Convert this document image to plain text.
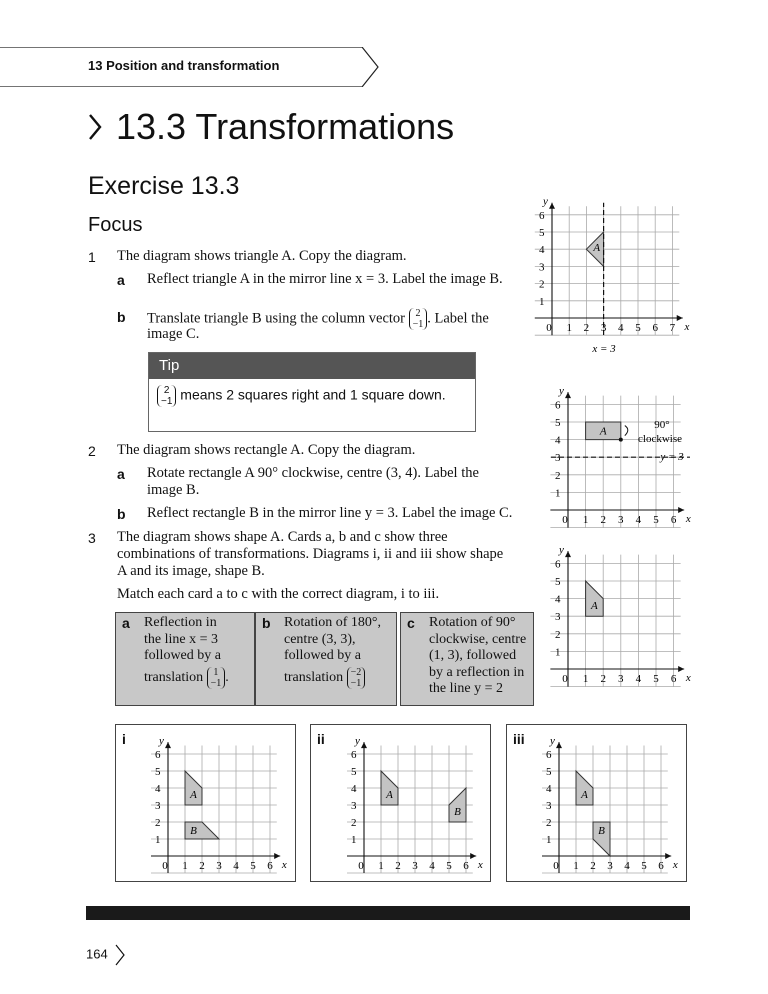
13 Position and transformation
13.3 Transformations
Exercise 13.3
Focus
1 The diagram shows triangle A. Copy the diagram.
a Reflect triangle A in the mirror line x = 3. Label the image B.
b Translate triangle B using the column vector 2
−1 . Label the
image C.
Tip
2
−1 means 2 squares right and 1 square down.
2 The diagram shows rectangle A. Copy the diagram.
a Rotate rectangle A 90° clockwise, centre (3, 4). Label the
image B.
b Reflect rectangle B in the mirror line y = 3. Label the image C.
3 The diagram shows shape A. Cards a, b and c show three
combinations of transformations. Diagrams i, ii and iii show shape
A and its image, shape B.
Match each card a to c with the correct diagram, i to iii.
a Reflection in
the line x = 3
followed by a
translation 1
−1 .
b Rotation of 180°,
centre (3, 3),
followed by a
translation −2
−1
c Rotation of 90°
clockwise, centre
(1, 3), followed
by a reflection in
the line y = 2
i	ii	iii
1 2 3 4 5 6 7
0
1
2
3
4
5
6
x
y
A
x = 3
1 2 3 4 5 6
0
1
2
3
4
5
6
x
y
A
90°
clockwise
y = 3
1 2 3 4 5 6
0
1
2
3
4
5
6
x
y
A
1 2 3 4 5 6
0
1
2
3
4
5
6
x
y
A
B
1 2 3 4 5 6
0
1
2
3
4
5
6
x
y
A
B
1 2 3 4 5 6
0
1
2
3
4
5
6
x
y
A
B
164
